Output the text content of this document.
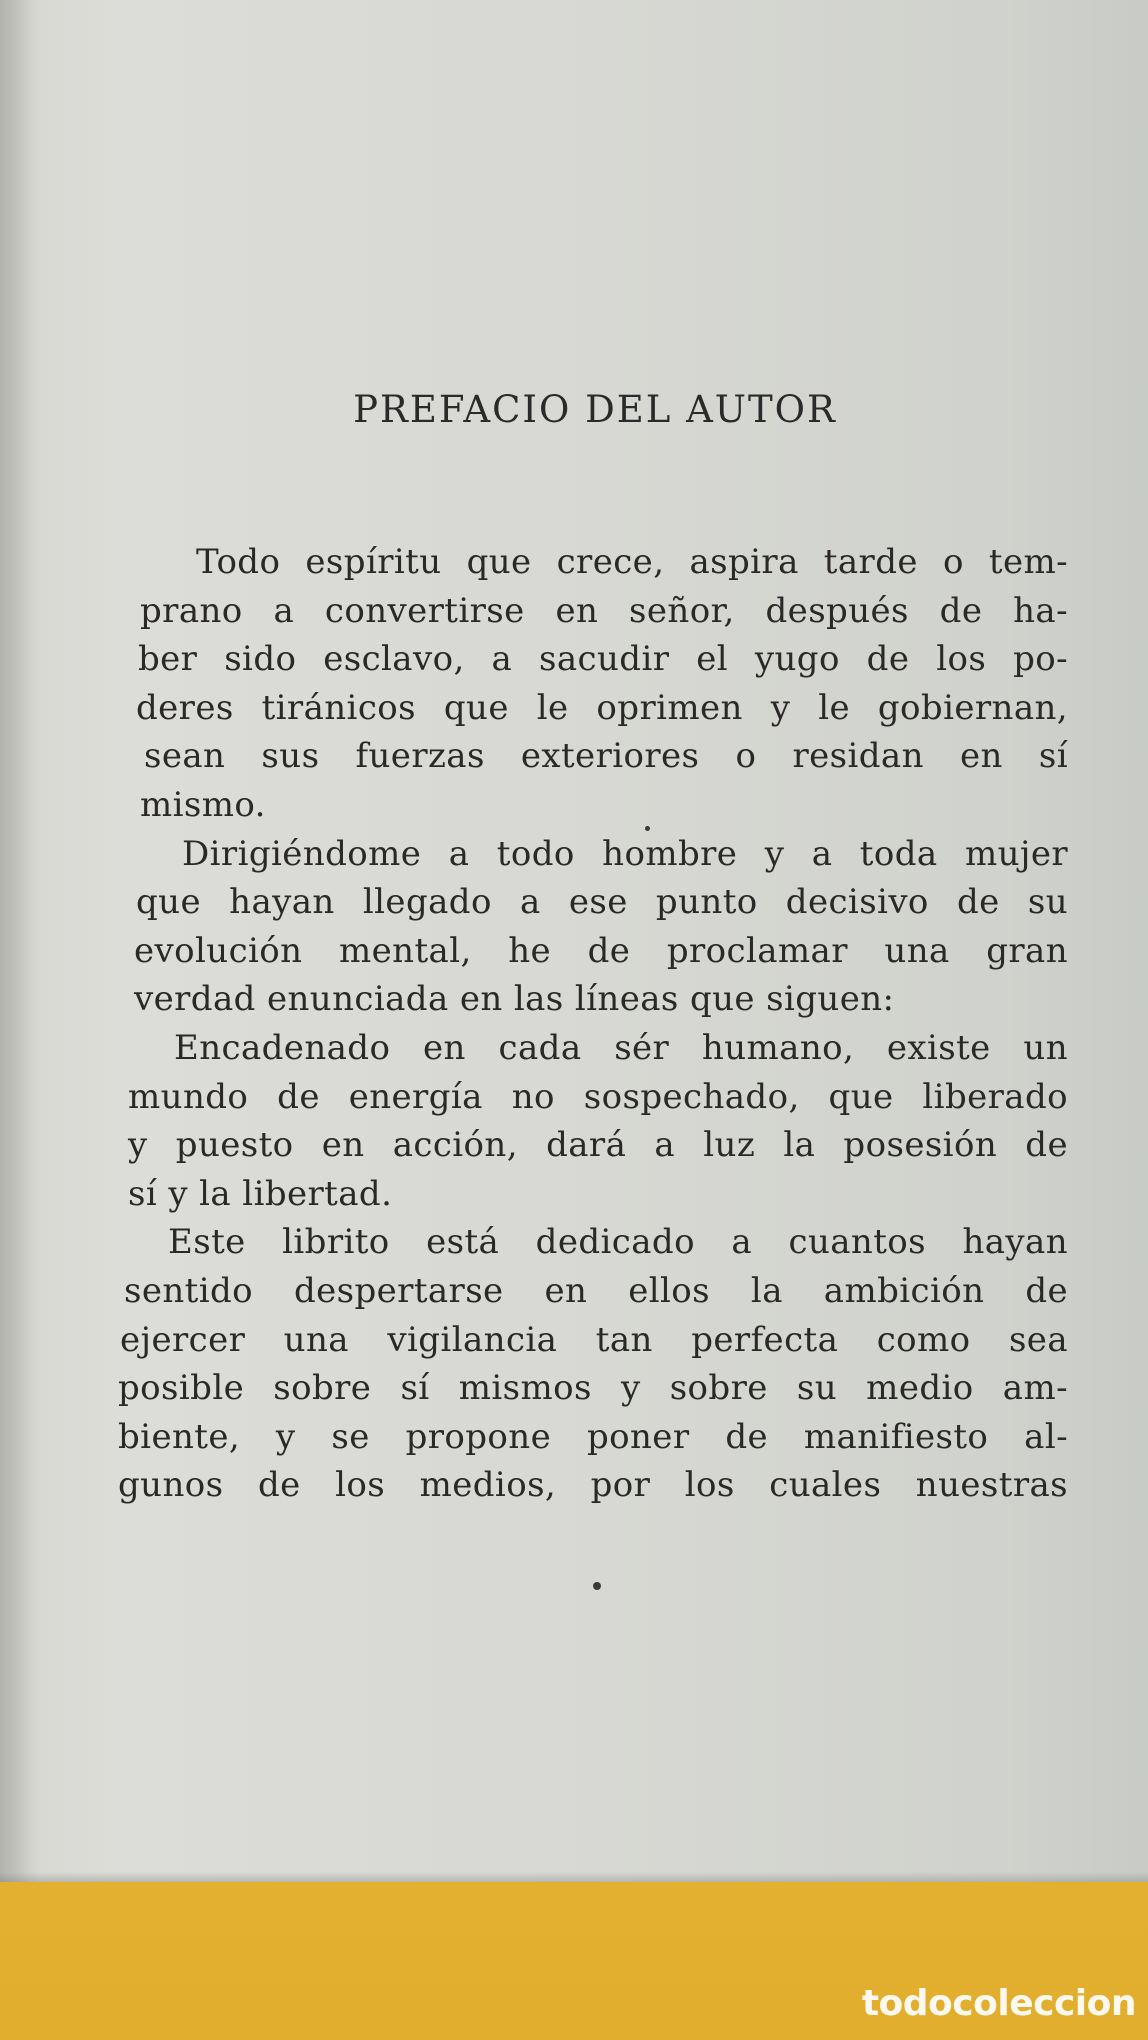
PREFACIO DEL AUTOR
Todo espíritu que crece, aspira tarde o tem-
prano a convertirse en señor, después de ha-
ber sido esclavo, a sacudir el yugo de los po-
deres tiránicos que le oprimen y le gobiernan,
sean sus fuerzas exteriores o residan en sí
mismo.
Dirigiéndome a todo hombre y a toda mujer
que hayan llegado a ese punto decisivo de su
evolución mental, he de proclamar una gran
verdad enunciada en las líneas que siguen:
Encadenado en cada sér humano, existe un
mundo de energía no sospechado, que liberado
y puesto en acción, dará a luz la posesión de
sí y la libertad.
Este librito está dedicado a cuantos hayan
sentido despertarse en ellos la ambición de
ejercer una vigilancia tan perfecta como sea
posible sobre sí mismos y sobre su medio am-
biente, y se propone poner de manifiesto al-
gunos de los medios, por los cuales nuestras
todocoleccion
